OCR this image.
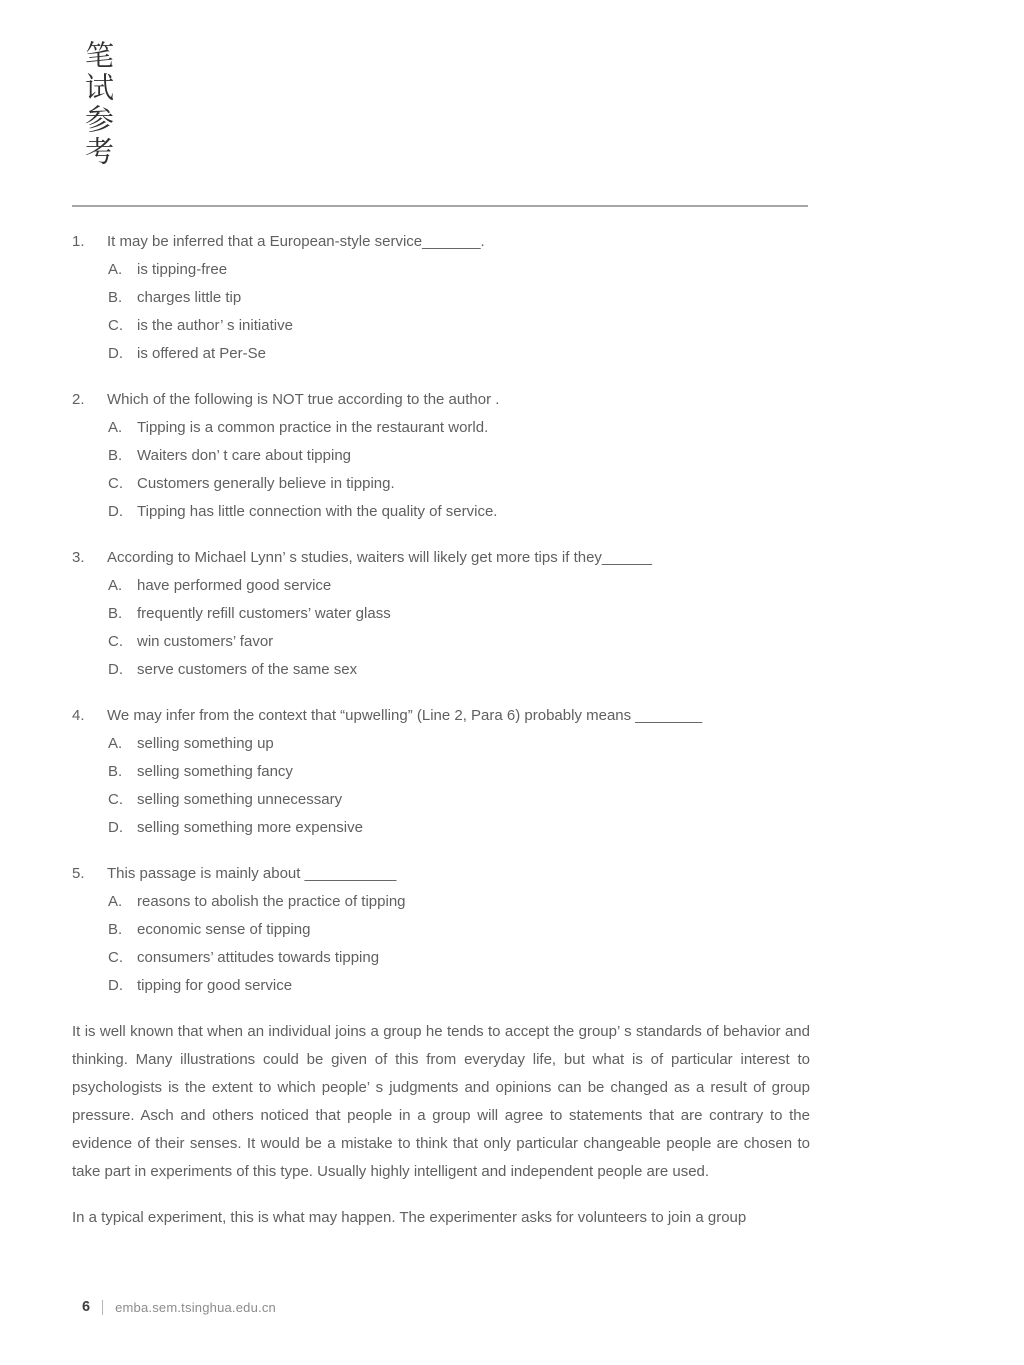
笔试参考
1.	It may be inferred that a European-style service_______.
A. is tipping-free
B. charges little tip
C. is the author’ s initiative
D. is offered at Per-Se
2.	Which of the following is NOT true according to the author .
A. Tipping is a common practice in the restaurant world.
B. Waiters don’ t care about tipping
C. Customers generally believe in tipping.
D. Tipping has little connection with the quality of service.
3.	According to Michael Lynn’ s studies, waiters will likely get more tips if they______
A. have performed good service
B. frequently refill customers’ water glass
C. win customers’ favor
D. serve customers of the same sex
4.	We may infer from the context that “upwelling” (Line 2, Para 6) probably means ________
A. selling something up
B. selling something fancy
C. selling something unnecessary
D. selling something more expensive
5.	This passage is mainly about ___________
A. reasons to abolish the practice of tipping
B. economic sense of tipping
C. consumers’ attitudes towards tipping
D. tipping for good service

It is well known that when an individual joins a group he tends to accept the group’ s standards of behavior and thinking. Many illustrations could be given of this from everyday life, but what is of particular interest to psychologists is the extent to which people’ s judgments and opinions can be changed as a result of group pressure. Asch and others noticed that people in a group will agree to statements that are contrary to the evidence of their senses. It would be a mistake to think that only particular changeable people are chosen to take part in experiments of this type. Usually highly intelligent and independent people are used.

In a typical experiment, this is what may happen. The experimenter asks for volunteers to join a group

6 emba.sem.tsinghua.edu.cn
